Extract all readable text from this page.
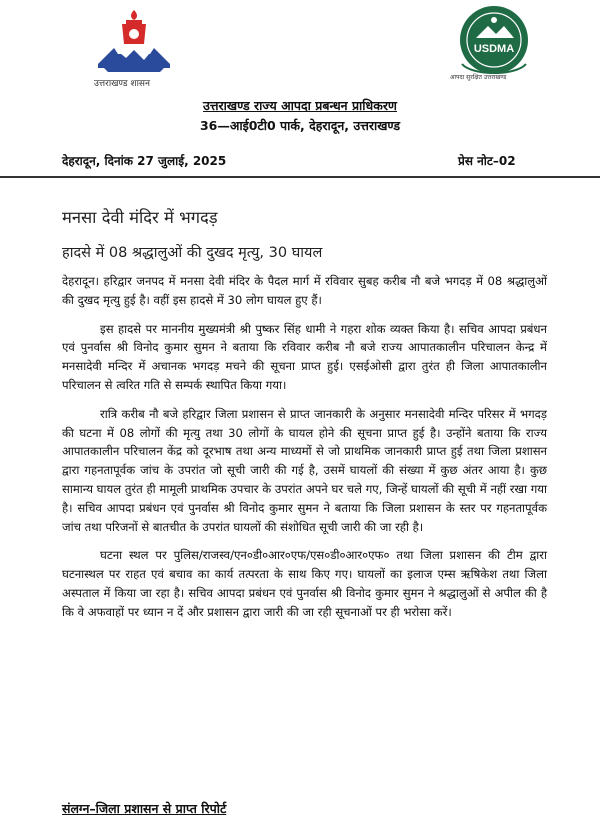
उत्तराखण्ड शासन
USDMA
आपदा सुरक्षित उत्तराखण्ड
उत्तराखण्ड राज्य आपदा प्रबन्धन प्राधिकरण
36—आई0टी0 पार्क, देहरादून, उत्तराखण्ड
देहरादून, दिनांक 27 जुलाई, 2025	प्रेस नोट–02
मनसा देवी मंदिर में भगदड़
हादसे में 08 श्रद्धालुओं की दुखद मृत्यु, 30 घायल

देहरादून। हरिद्वार जनपद में मनसा देवी मंदिर के पैदल मार्ग में रविवार सुबह करीब नौ बजे भगदड़ में 08 श्रद्धालुओं की दुखद मृत्यु हुई है। वहीं इस हादसे में 30 लोग घायल हुए हैं।

इस हादसे पर माननीय मुख्यमंत्री श्री पुष्कर सिंह धामी ने गहरा शोक व्यक्त किया है। सचिव आपदा प्रबंधन एवं पुनर्वास श्री विनोद कुमार सुमन ने बताया कि रविवार करीब नौ बजे राज्य आपातकालीन परिचालन केन्द्र में मनसादेवी मन्दिर में अचानक भगदड़ मचने की सूचना प्राप्त हुई। एसईओसी द्वारा तुरंत ही जिला आपातकालीन परिचालन से त्वरित गति से सम्पर्क स्थापित किया गया।

रात्रि करीब नौ बजे हरिद्वार जिला प्रशासन से प्राप्त जानकारी के अनुसार मनसादेवी मन्दिर परिसर में भगदड़ की घटना में 08 लोगों की मृत्यु तथा 30 लोगों के घायल होने की सूचना प्राप्त हुई है। उन्होंने बताया कि राज्य आपातकालीन परिचालन केंद्र को दूरभाष तथा अन्य माध्यमों से जो प्राथमिक जानकारी प्राप्त हुई तथा जिला प्रशासन द्वारा गहनतापूर्वक जांच के उपरांत जो सूची जारी की गई है, उसमें घायलों की संख्या में कुछ अंतर आया है। कुछ सामान्य घायल तुरंत ही मामूली प्राथमिक उपचार के उपरांत अपने घर चले गए, जिन्हें घायलों की सूची में नहीं रखा गया है। सचिव आपदा प्रबंधन एवं पुनर्वास श्री विनोद कुमार सुमन ने बताया कि जिला प्रशासन के स्तर पर गहनतापूर्वक जांच तथा परिजनों से बातचीत के उपरांत घायलों की संशोधित सूची जारी की जा रही है।

घटना स्थल पर पुलिस/राजस्व/एन०डी०आर०एफ/एस०डी०आर०एफ० तथा जिला प्रशासन की टीम द्वारा घटनास्थल पर राहत एवं बचाव का कार्य तत्परता के साथ किए गए। घायलों का इलाज एम्स ऋषिकेश तथा जिला अस्पताल में किया जा रहा है। सचिव आपदा प्रबंधन एवं पुनर्वास श्री विनोद कुमार सुमन ने श्रद्धालुओं से अपील की है कि वे अफवाहों पर ध्यान न दें और प्रशासन द्वारा जारी की जा रही सूचनाओं पर ही भरोसा करें।

संलग्न–जिला प्रशासन से प्राप्त रिपोर्ट
